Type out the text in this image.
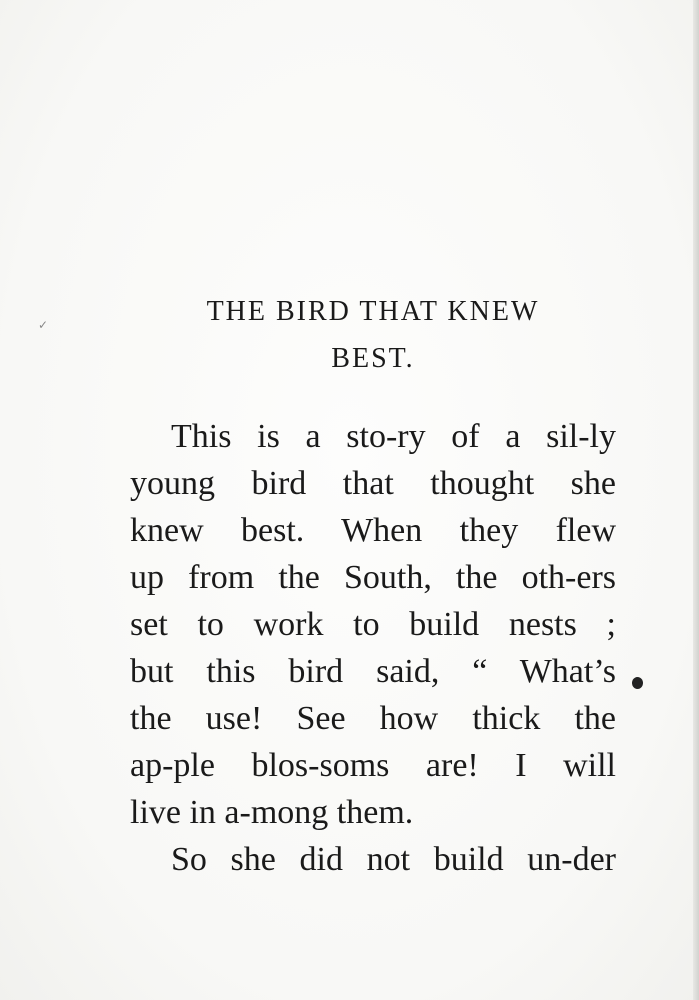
✓	THE BIRD THAT KNEW
BEST.

This is a sto-ry of a sil-ly

young bird that thought she

knew best. When they flew

up from the South, the oth-ers

set to work to build nests ;

but this bird said, “ What’s

the use! See how thick the

ap-ple blos-soms are! I will

live in a-mong them.

So she did not build un-der
